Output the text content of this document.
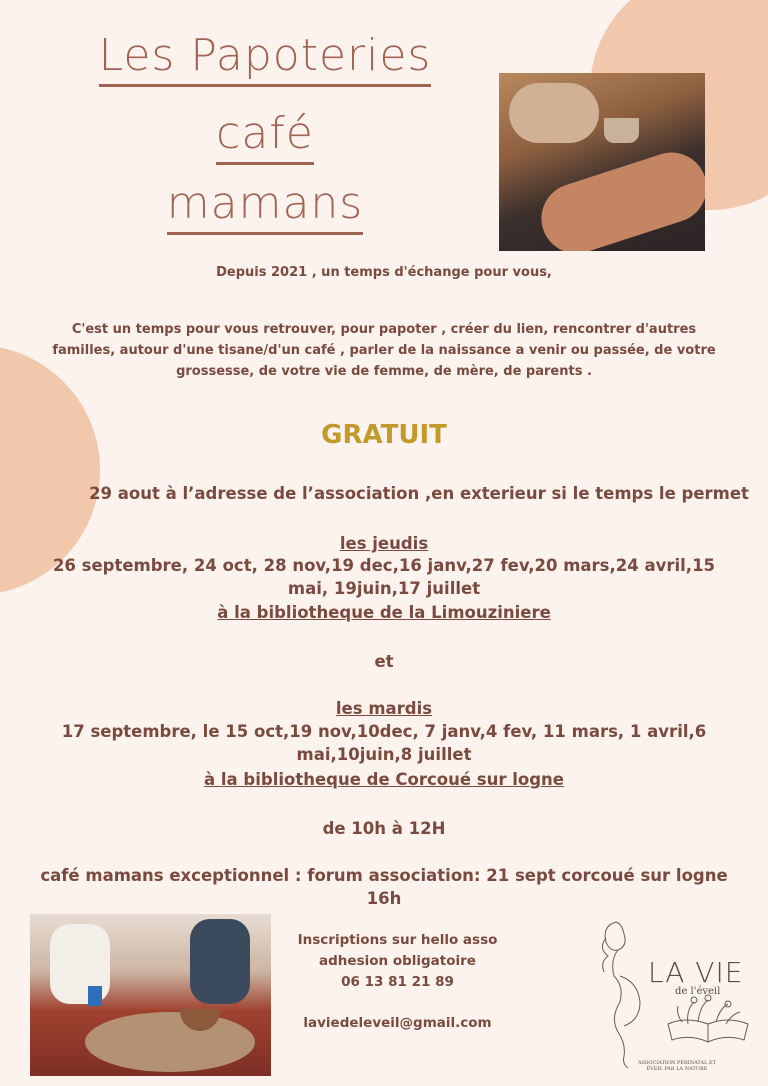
Les Papoteries
café
mamans
Depuis 2021 , un temps d'échange pour vous,
C'est un temps pour vous retrouver, pour papoter , créer du lien, rencontrer d'autres familles, autour d'une tisane/d'un café , parler de la naissance a venir ou passée, de votre grossesse, de votre vie de femme, de mère, de parents .
GRATUIT
29 aout à l’adresse de l’association ,en exterieur si le temps le permet
les jeudis
26 septembre, 24 oct, 28 nov,19 dec,16 janv,27 fev,20 mars,24 avril,15 mai, 19juin,17 juillet
à la bibliotheque de la Limouziniere
et
les mardis
17 septembre, le 15 oct,19 nov,10dec, 7 janv,4 fev, 11 mars, 1 avril,6 mai,10juin,8 juillet
à la bibliotheque de Corcoué sur logne
de 10h à 12H
café mamans exceptionnel : forum association: 21 sept corcoué sur logne 16h
Inscriptions sur hello asso
adhesion obligatoire
06 13 81 21 89
laviedeleveil@gmail.com
LA VIE
de l'éveil
ASSOCIATION PÉRINATAL ET ÉVEIL PAR LA NATURE
